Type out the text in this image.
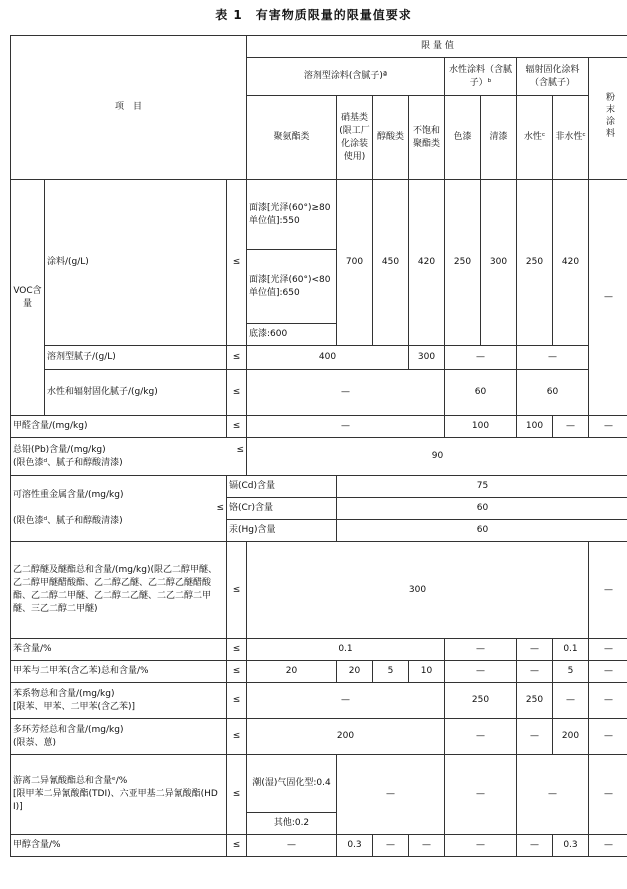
表 1　有害物质限量的限量值要求
项　目			限 量 值								
			溶剂型涂料(含腻子)ª				水性涂料（含腻子）ᵇ		辐射固化涂料（含腻子）		粉末涂料
			聚氨酯类	硝基类(限工厂化涂装使用)	醇酸类	不饱和聚酯类	色漆	清漆	水性ᶜ	非水性ᶜ	
VOC含量	涂料/(g/L)	≤	面漆[光泽(60°)≥80 单位值]:550	700	450	420	250	300	250	420	—
			面漆[光泽(60°)<80 单位值]:650								
			底漆:600								
	溶剂型腻子/(g/L)	≤	400			300	—		—		
	水性和辐射固化腻子/(g/kg)	≤	—				60		60		
甲醛含量/(mg/kg)		≤	—				100		100	—	—

总铅(Pb)含量/(mg/kg) ≤
(限色漆ᵈ、腻子和醇酸清漆)			90								

可溶性重金属含量/(mg/kg)
≤
(限色漆ᵈ、腻子和醇酸清漆)		镉(Cd)含量		75							
		铬(Cr)含量		60							
		汞(Hg)含量		60							
乙二醇醚及醚酯总和含量/(mg/kg)(限乙二醇甲醚、乙二醇甲醚醋酸酯、乙二醇乙醚、乙二醇乙醚醋酸酯、乙二醇二甲醚、乙二醇二乙醚、二乙二醇二甲醚、三乙二醇二甲醚)		≤	300								—
苯含量/%		≤	0.1				—		—	0.1	—
甲苯与二甲苯(含乙苯)总和含量/%		≤	20	20	5	10	—		—	5	—

苯系物总和含量/(mg/kg)
[限苯、甲苯、二甲苯(含乙苯)]		≤	—				250		250	—	—

多环芳烃总和含量/(mg/kg)
(限萘、蒽)		≤	200				—		—	200	—

游离二异氰酸酯总和含量ᵉ/%
[限甲苯二异氰酸酯(TDI)、六亚甲基二异氰酸酯(HDI)]		≤	潮(湿)气固化型:0.4	—			—		—		—
			其他:0.2								
甲醇含量/%		≤	—	0.3	—	—	—		—	0.3	—
